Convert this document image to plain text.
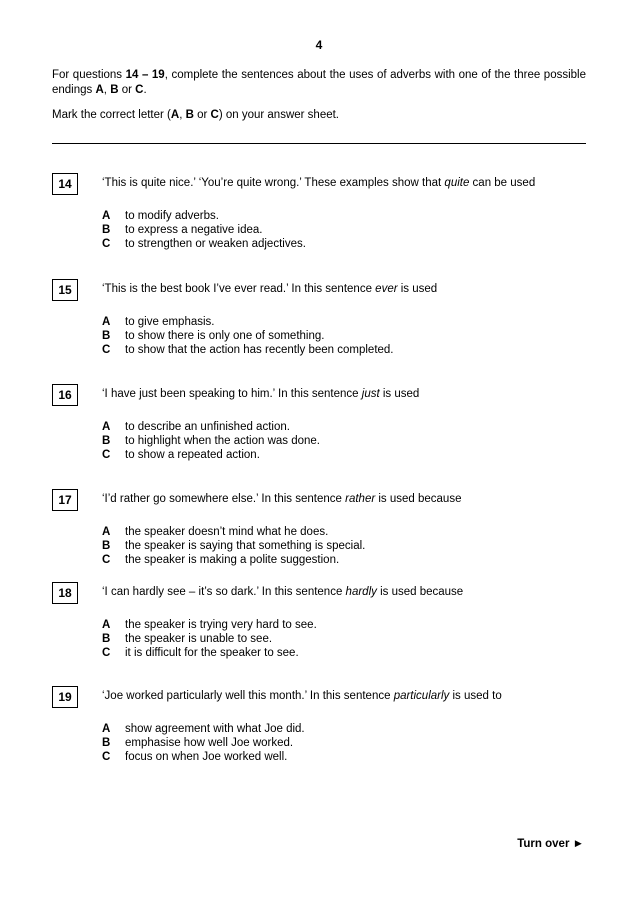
4
For questions 14 – 19, complete the sentences about the uses of adverbs with one of the three possible endings A, B or C.
Mark the correct letter (A, B or C) on your answer sheet.
14	‘This is quite nice.’ ‘You’re quite wrong.’ These examples show that quite can be used
A to modify adverbs.
B to express a negative idea.
C to strengthen or weaken adjectives.
15	‘This is the best book I’ve ever read.’ In this sentence ever is used
A to give emphasis.
B to show there is only one of something.
C to show that the action has recently been completed.
16	‘I have just been speaking to him.’ In this sentence just is used
A to describe an unfinished action.
B to highlight when the action was done.
C to show a repeated action.
17	‘I’d rather go somewhere else.’ In this sentence rather is used because
A the speaker doesn’t mind what he does.
B the speaker is saying that something is special.
C the speaker is making a polite suggestion.
18	‘I can hardly see – it’s so dark.’ In this sentence hardly is used because
A the speaker is trying very hard to see.
B the speaker is unable to see.
C it is difficult for the speaker to see.
19	‘Joe worked particularly well this month.’ In this sentence particularly is used to
A show agreement with what Joe did.
B emphasise how well Joe worked.
C focus on when Joe worked well.
Turn over ►
